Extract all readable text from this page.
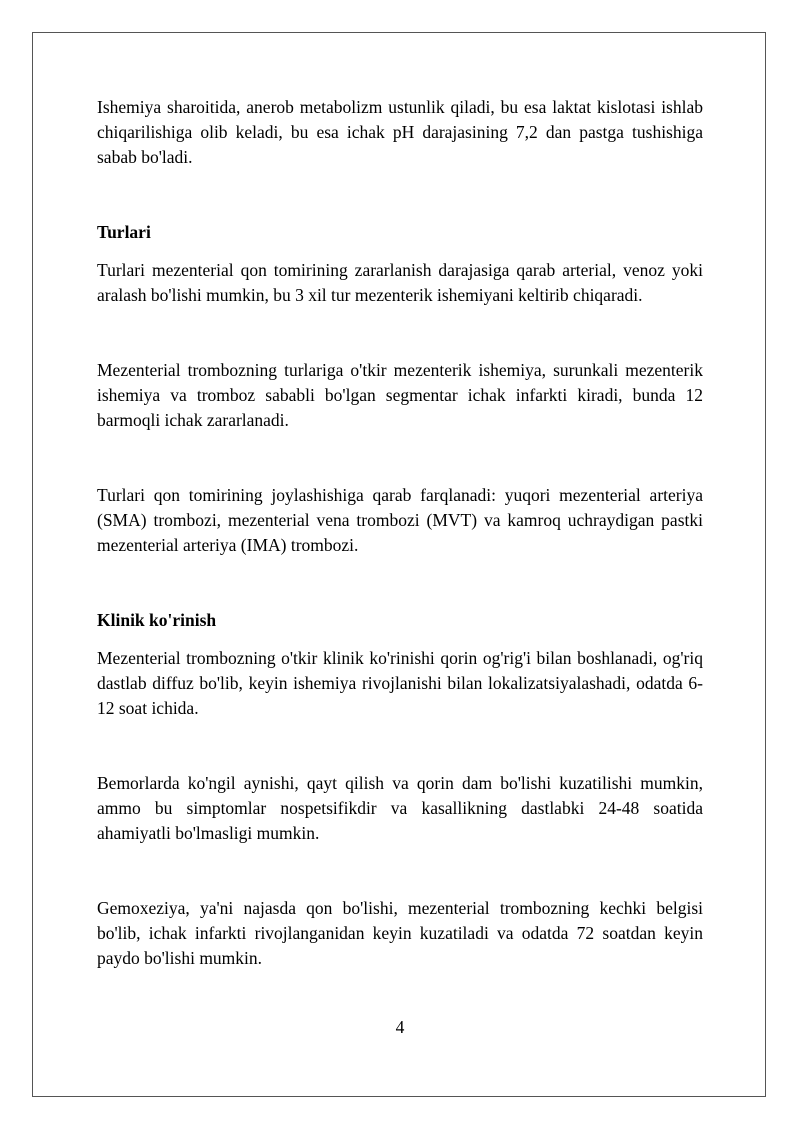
Ishemiya sharoitida, anerob metabolizm ustunlik qiladi, bu esa laktat kislotasi ishlab chiqarilishiga olib keladi, bu esa ichak pH darajasining 7,2 dan pastga tushishiga sabab bo'ladi.

Turlari

Turlari mezenterial qon tomirining zararlanish darajasiga qarab arterial, venoz yoki aralash bo'lishi mumkin, bu 3 xil tur mezenterik ishemiyani keltirib chiqaradi.

Mezenterial trombozning turlariga o'tkir mezenterik ishemiya, surunkali mezenterik ishemiya va tromboz sababli bo'lgan segmentar ichak infarkti kiradi, bunda 12 barmoqli ichak zararlanadi.

Turlari qon tomirining joylashishiga qarab farqlanadi: yuqori mezenterial arteriya (SMA) trombozi, mezenterial vena trombozi (MVT) va kamroq uchraydigan pastki mezenterial arteriya (IMA) trombozi.

Klinik ko'rinish

Mezenterial trombozning o'tkir klinik ko'rinishi qorin og'rig'i bilan boshlanadi, og'riq dastlab diffuz bo'lib, keyin ishemiya rivojlanishi bilan lokalizatsiyalashadi, odatda 6-12 soat ichida.

Bemorlarda ko'ngil aynishi, qayt qilish va qorin dam bo'lishi kuzatilishi mumkin, ammo bu simptomlar nospetsifikdir va kasallikning dastlabki 24-48 soatida ahamiyatli bo'lmasligi mumkin.

Gemoxeziya, ya'ni najasda qon bo'lishi, mezenterial trombozning kechki belgisi bo'lib, ichak infarkti rivojlanganidan keyin kuzatiladi va odatda 72 soatdan keyin paydo bo'lishi mumkin.

4
